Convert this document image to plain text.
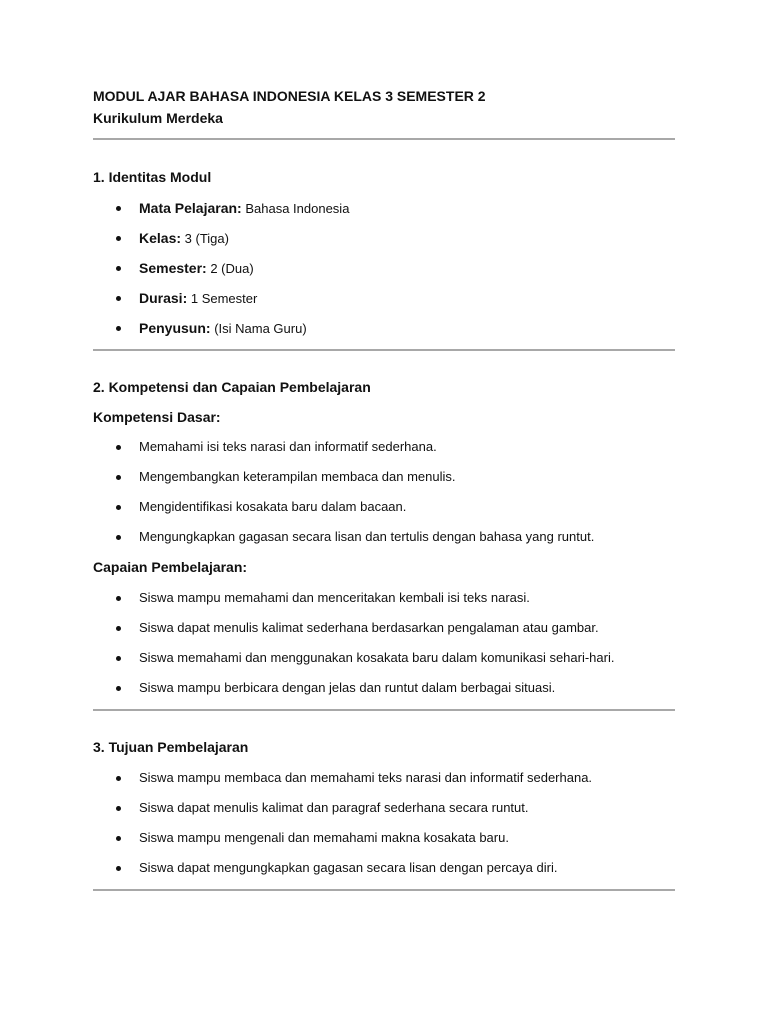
MODUL AJAR BAHASA INDONESIA KELAS 3 SEMESTER 2

Kurikulum Merdeka

1. Identitas Modul

Mata Pelajaran: Bahasa Indonesia
Kelas: 3 (Tiga)
Semester: 2 (Dua)
Durasi: 1 Semester
Penyusun: (Isi Nama Guru)

2. Kompetensi dan Capaian Pembelajaran

Kompetensi Dasar:

Memahami isi teks narasi dan informatif sederhana.
Mengembangkan keterampilan membaca dan menulis.
Mengidentifikasi kosakata baru dalam bacaan.
Mengungkapkan gagasan secara lisan dan tertulis dengan bahasa yang runtut.

Capaian Pembelajaran:

Siswa mampu memahami dan menceritakan kembali isi teks narasi.
Siswa dapat menulis kalimat sederhana berdasarkan pengalaman atau gambar.
Siswa memahami dan menggunakan kosakata baru dalam komunikasi sehari-hari.
Siswa mampu berbicara dengan jelas dan runtut dalam berbagai situasi.

3. Tujuan Pembelajaran

Siswa mampu membaca dan memahami teks narasi dan informatif sederhana.
Siswa dapat menulis kalimat dan paragraf sederhana secara runtut.
Siswa mampu mengenali dan memahami makna kosakata baru.
Siswa dapat mengungkapkan gagasan secara lisan dengan percaya diri.
